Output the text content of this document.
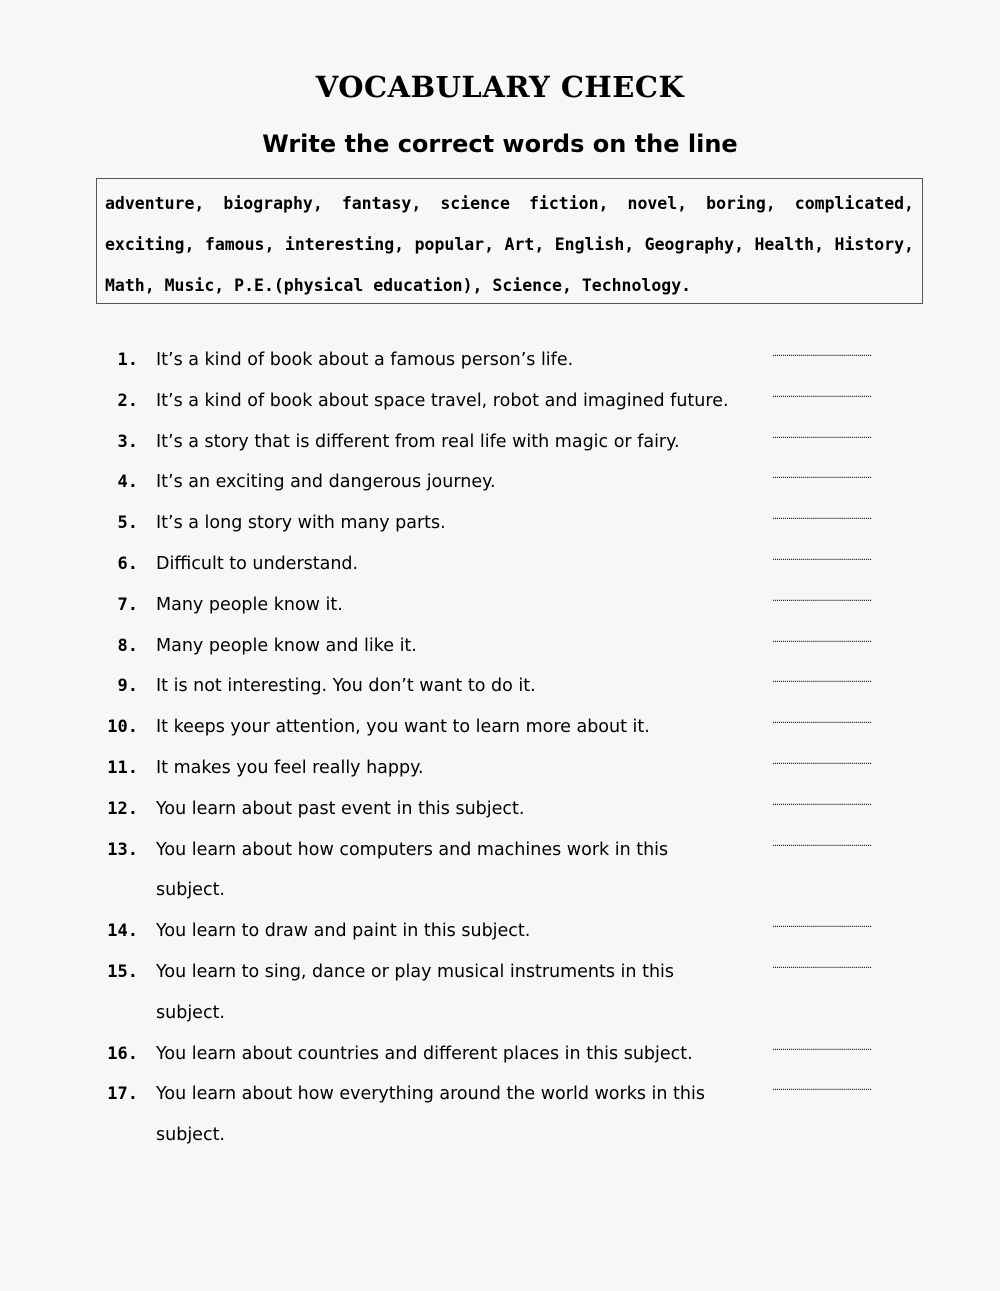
VOCABULARY CHECK
Write the correct words on the line
adventure, biography, fantasy, science fiction, novel, boring, complicated, exciting, famous, interesting, popular, Art, English, Geography, Health, History, Math, Music, P.E.(physical education), Science, Technology.
1. It’s a kind of book about a famous person’s life.	..................................................
2. It’s a kind of book about space travel, robot and imagined future.	..................................................
3. It’s a story that is different from real life with magic or fairy.	..................................................
4. It’s an exciting and dangerous journey.	..................................................
5. It’s a long story with many parts.	..................................................
6. Difficult to understand.	..................................................
7. Many people know it.	..................................................
8. Many people know and like it.	..................................................
9. It is not interesting. You don’t want to do it.	..................................................
10. It keeps your attention, you want to learn more about it.	..................................................
11. It makes you feel really happy.	..................................................
12. You learn about past event in this subject.	..................................................
13. You learn about how computers and machines work in this subject.
..................................................
14. You learn to draw and paint in this subject.	..................................................
15. You learn to sing, dance or play musical instruments in this subject.
..................................................
16. You learn about countries and different places in this subject.	..................................................
17. You learn about how everything around the world works in this subject.
..................................................
